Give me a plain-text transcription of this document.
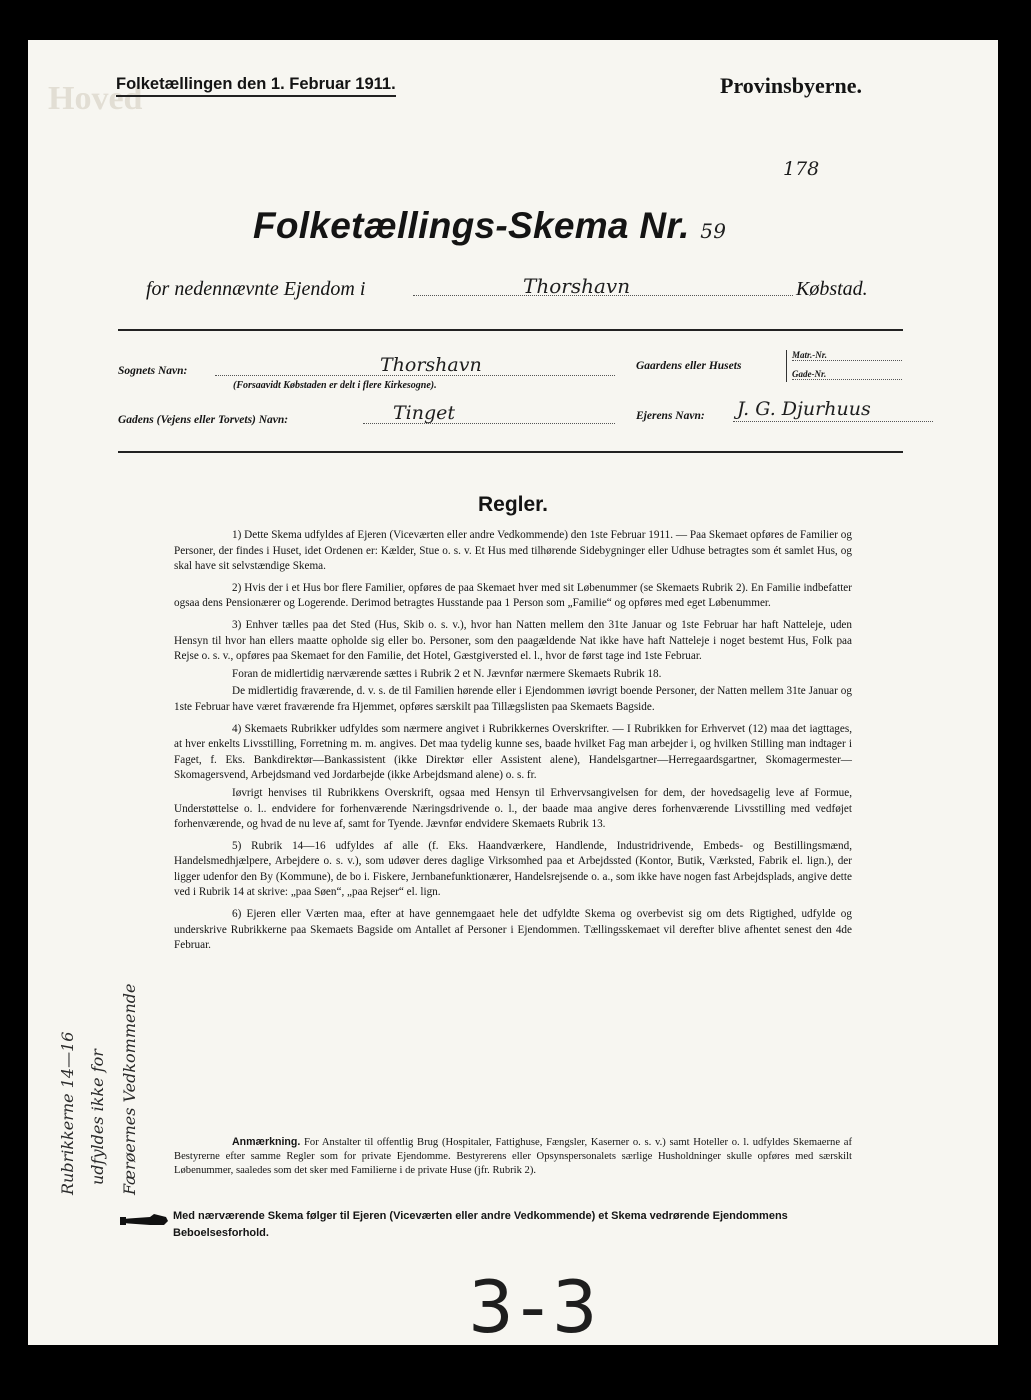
Hoved
Folketællingen den 1. Februar 1911.	Provinsbyerne.
178
Folketællings-Skema Nr. 59
for nedennævnte Ejendom i	Thorshavn	Købstad.
Sognets Navn:	Thorshavn
(Forsaavidt Købstaden er delt i flere Kirkesogne).
Gaardens eller Husets
Matr.-Nr.
Gade-Nr.
Gadens (Vejens eller Torvets) Navn:	Tinget	Ejerens Navn: J. G. Djurhuus
Regler.

1) Dette Skema udfyldes af Ejeren (Viceværten eller andre Vedkommende) den 1ste Februar 1911. — Paa Skemaet opføres de Familier og Personer, der findes i Huset, idet Ordenen er: Kælder, Stue o. s. v. Et Hus med tilhørende Sidebygninger eller Udhuse betragtes som ét samlet Hus, og skal have sit selvstændige Skema.

2) Hvis der i et Hus bor flere Familier, opføres de paa Skemaet hver med sit Løbenummer (se Skemaets Rubrik 2). En Familie indbefatter ogsaa dens Pensionærer og Logerende. Derimod betragtes Husstande paa 1 Person som „Familie“ og opføres med eget Løbenummer.

3) Enhver tælles paa det Sted (Hus, Skib o. s. v.), hvor han Natten mellem den 31te Januar og 1ste Februar har haft Natteleje, uden Hensyn til hvor han ellers maatte opholde sig eller bo. Personer, som den paagældende Nat ikke have haft Natteleje i noget bestemt Hus, Folk paa Rejse o. s. v., opføres paa Skemaet for den Familie, det Hotel, Gæstgiversted el. l., hvor de først tage ind 1ste Februar.

Foran de midlertidig nærværende sættes i Rubrik 2 et N. Jævnfør nærmere Skemaets Rubrik 18.

De midlertidig fraværende, d. v. s. de til Familien hørende eller i Ejendommen iøvrigt boende Personer, der Natten mellem 31te Januar og 1ste Februar have været fraværende fra Hjemmet, opføres særskilt paa Tillægslisten paa Skemaets Bagside.

4) Skemaets Rubrikker udfyldes som nærmere angivet i Rubrikkernes Overskrifter. — I Rubrikken for Erhvervet (12) maa det iagttages, at hver enkelts Livsstilling, Forretning m. m. angives. Det maa tydelig kunne ses, baade hvilket Fag man arbejder i, og hvilken Stilling man indtager i Faget, f. Eks. Bankdirektør—Bankassistent (ikke Direktør eller Assistent alene), Handelsgartner—Herregaardsgartner, Skomagermester—Skomagersvend, Arbejdsmand ved Jordarbejde (ikke Arbejdsmand alene) o. s. fr.

Iøvrigt henvises til Rubrikkens Overskrift, ogsaa med Hensyn til Erhvervsangivelsen for dem, der hovedsagelig leve af Formue, Understøttelse o. l.. endvidere for forhenværende Næringsdrivende o. l., der baade maa angive deres forhenværende Livsstilling med vedføjet forhenværende, og hvad de nu leve af, samt for Tyende. Jævnfør endvidere Skemaets Rubrik 13.

5) Rubrik 14—16 udfyldes af alle (f. Eks. Haandværkere, Handlende, Industridrivende, Embeds- og Bestillingsmænd, Handelsmedhjælpere, Arbejdere o. s. v.), som udøver deres daglige Virksomhed paa et Arbejdssted (Kontor, Butik, Værksted, Fabrik el. lign.), der ligger udenfor den By (Kommune), de bo i. Fiskere, Jernbanefunktionærer, Handelsrejsende o. a., som ikke have nogen fast Arbejdsplads, angive dette ved i Rubrik 14 at skrive: „paa Søen“, „paa Rejser“ el. lign.

6) Ejeren eller Værten maa, efter at have gennemgaaet hele det udfyldte Skema og overbevist sig om dets Rigtighed, udfylde og underskrive Rubrikkerne paa Skemaets Bagside om Antallet af Personer i Ejendommen. Tællingsskemaet vil derefter blive afhentet senest den 4de Februar.

Anmærkning. For Anstalter til offentlig Brug (Hospitaler, Fattighuse, Fængsler, Kaserner o. s. v.) samt Hoteller o. l. udfyldes Skemaerne af Bestyrerne efter samme Regler som for private Ejendomme. Bestyrerens eller Opsynspersonalets særlige Husholdninger skulle opføres med særskilt Løbenummer, saaledes som det sker med Familierne i de private Huse (jfr. Rubrik 2).

Rubrikkerne 14—16 udfyldes ikke for Færøernes Vedkommende
Med nærværende Skema følger til Ejeren (Viceværten eller andre Vedkommende) et Skema vedrørende Ejendommens Beboelsesforhold.
3-3
